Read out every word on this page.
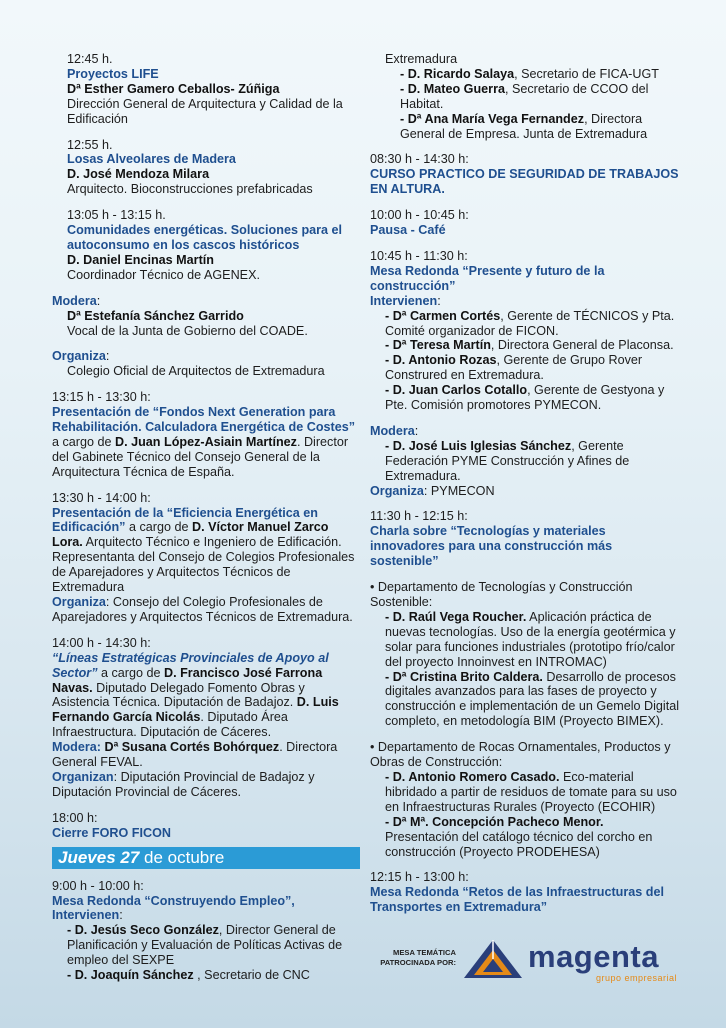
12:45 h.
Proyectos LIFE
Dª Esther Gamero Ceballos- Zúñiga
Dirección General de Arquitectura y Calidad de la Edificación
12:55 h.
Losas Alveolares de Madera
D. José Mendoza Milara
Arquitecto. Bioconstrucciones prefabricadas
13:05 h - 13:15 h.
Comunidades energéticas. Soluciones para el autoconsumo en los cascos históricos
D. Daniel Encinas Martín
Coordinador Técnico de AGENEX.
Modera:
Dª Estefanía Sánchez Garrido
Vocal de la Junta de Gobierno del COADE.
Organiza:
Colegio Oficial de Arquitectos de Extremadura
13:15 h - 13:30 h:
Presentación de “Fondos Next Generation para Rehabilitación. Calculadora Energética de Costes” a cargo de D. Juan López-Asiain Martínez. Director del Gabinete Técnico del Consejo General de la Arquitectura Técnica de España.
13:30 h - 14:00 h:
Presentación de la “Eficiencia Energética en Edificación” a cargo de D. Víctor Manuel Zarco Lora. Arquitecto Técnico e Ingeniero de Edificación. Representanta del Consejo de Colegios Profesionales de Aparejadores y Arquitectos Técnicos de Extremadura
Organiza: Consejo del Colegio Profesionales de Aparejadores y Arquitectos Técnicos de Extremadura.
14:00 h - 14:30 h:
“Líneas Estratégicas Provinciales de Apoyo al Sector” a cargo de D. Francisco José Farrona Navas. Diputado Delegado Fomento Obras y Asistencia Técnica. Diputación de Badajoz. D. Luis Fernando García Nicolás. Diputado Área Infraestructura. Diputación de Cáceres.
Modera: Dª Susana Cortés Bohórquez. Directora General FEVAL.
Organizan: Diputación Provincial de Badajoz y Diputación Provincial de Cáceres.
18:00 h:
Cierre FORO FICON
Jueves 27 de octubre
9:00 h - 10:00 h:
Mesa Redonda “Construyendo Empleo”,
Intervienen:
- D. Jesús Seco González, Director General de Planificación y Evaluación de Políticas Activas de empleo del SEXPE
- D. Joaquín Sánchez , Secretario de CNC
Extremadura
- D. Ricardo Salaya, Secretario de FICA-UGT
- D. Mateo Guerra, Secretario de CCOO del Habitat.
- Dª Ana María Vega Fernandez, Directora General de Empresa. Junta de Extremadura
08:30 h - 14:30 h:
CURSO PRACTICO DE SEGURIDAD DE TRABAJOS EN ALTURA.
10:00 h - 10:45 h:
Pausa - Café
10:45 h - 11:30 h:
Mesa Redonda “Presente y futuro de la construcción”
Intervienen:
- Dª Carmen Cortés, Gerente de TÉCNICOS y Pta. Comité organizador de FICON.
- Dª Teresa Martín, Directora General de Placonsa.
- D. Antonio Rozas, Gerente de Grupo Rover Construred en Extremadura.
- D. Juan Carlos Cotallo, Gerente de Gestyona y Pte. Comisión promotores PYMECON.
Modera:
- D. José Luis Iglesias Sánchez, Gerente Federación PYME Construcción y Afines de Extremadura.
Organiza: PYMECON
11:30 h - 12:15 h:
Charla sobre “Tecnologías y materiales innovadores para una construcción más sostenible”
• Departamento de Tecnologías y Construcción Sostenible:
- D. Raúl Vega Roucher. Aplicación práctica de nuevas tecnologías. Uso de la energía geotérmica y solar para funciones industriales (prototipo frío/calor del proyecto Innoinvest en INTROMAC)
- Dª Cristina Brito Caldera. Desarrollo de procesos digitales avanzados para las fases de proyecto y construcción e implementación de un Gemelo Digital completo, en metodología BIM (Proyecto BIMEX).
• Departamento de Rocas Ornamentales, Productos y Obras de Construcción:
- D. Antonio Romero Casado. Eco-material hibridado a partir de residuos de tomate para su uso en Infraestructuras Rurales (Proyecto (ECOHIR)
- Dª Mª. Concepción Pacheco Menor. Presentación del catálogo técnico del corcho en construcción (Proyecto PRODEHESA)
12:15 h - 13:00 h:
Mesa Redonda “Retos de las Infraestructuras del Transportes en Extremadura”
MESA TEMÁTICA
PATROCINADA POR: magenta
grupo empresarial
